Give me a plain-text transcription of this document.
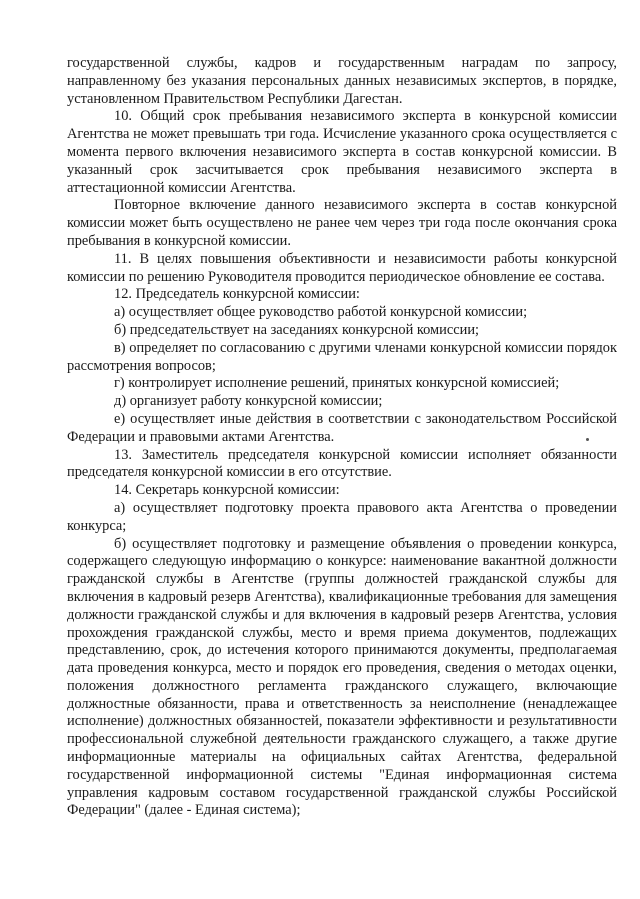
государственной службы, кадров и государственным наградам по запросу, направленному без указания персональных данных независимых экспертов, в порядке, установленном Правительством Республики Дагестан.

10. Общий срок пребывания независимого эксперта в конкурсной комиссии Агентства не может превышать три года. Исчисление указанного срока осуществляется с момента первого включения независимого эксперта в состав конкурсной комиссии. В указанный срок засчитывается срок пребывания независимого эксперта в аттестационной комиссии Агентства.

Повторное включение данного независимого эксперта в состав конкурсной комиссии может быть осуществлено не ранее чем через три года после окончания срока пребывания в конкурсной комиссии.

11. В целях повышения объективности и независимости работы конкурсной комиссии по решению Руководителя проводится периодическое обновление ее состава.

12. Председатель конкурсной комиссии:

а) осуществляет общее руководство работой конкурсной комиссии;

б) председательствует на заседаниях конкурсной комиссии;

в) определяет по согласованию с другими членами конкурсной комиссии порядок рассмотрения вопросов;

г) контролирует исполнение решений, принятых конкурсной комиссией;

д) организует работу конкурсной комиссии;

е) осуществляет иные действия в соответствии с законодательством Российской Федерации и правовыми актами Агентства.

13. Заместитель председателя конкурсной комиссии исполняет обязанности председателя конкурсной комиссии в его отсутствие.

14. Секретарь конкурсной комиссии:

а) осуществляет подготовку проекта правового акта Агентства о проведении конкурса;

б) осуществляет подготовку и размещение объявления о проведении конкурса, содержащего следующую информацию о конкурсе: наименование вакантной должности гражданской службы в Агентстве (группы должностей гражданской службы для включения в кадровый резерв Агентства), квалификационные требования для замещения должности гражданской службы и для включения в кадровый резерв Агентства, условия прохождения гражданской службы, место и время приема документов, подлежащих представлению, срок, до истечения которого принимаются документы, предполагаемая дата проведения конкурса, место и порядок его проведения, сведения о методах оценки, положения должностного регламента гражданского служащего, включающие должностные обязанности, права и ответственность за неисполнение (ненадлежащее исполнение) должностных обязанностей, показатели эффективности и результативности профессиональной служебной деятельности гражданского служащего, а также другие информационные материалы на официальных сайтах Агентства, федеральной государственной информационной системы "Единая информационная система управления кадровым составом государственной гражданской службы Российской Федерации" (далее - Единая система);
